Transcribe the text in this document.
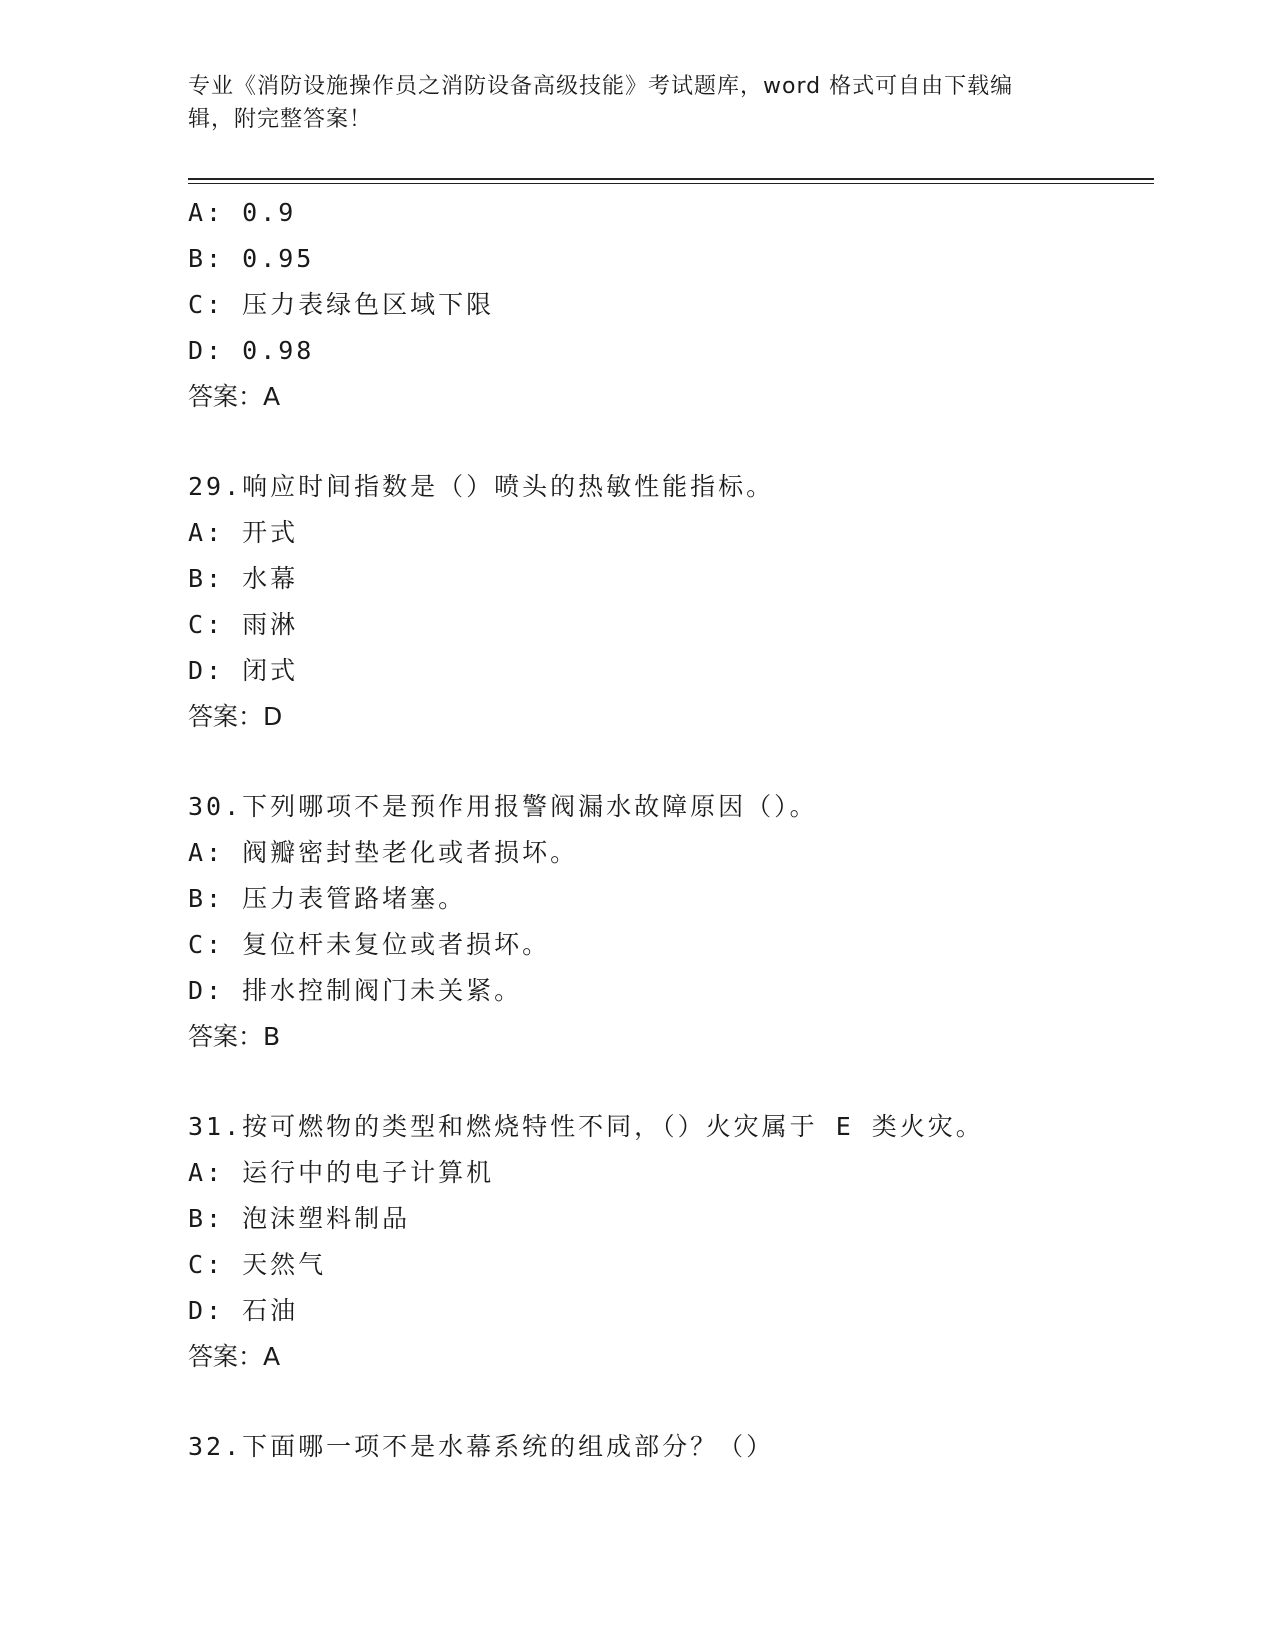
专业《消防设施操作员之消防设备高级技能》考试题库，word 格式可自由下载编
辑，附完整答案！
A: 0.9
B: 0.95
C: 压力表绿色区域下限
D: 0.98
答案：A
29.响应时间指数是（）喷头的热敏性能指标。
A: 开式
B: 水幕
C: 雨淋
D: 闭式
答案：D
30.下列哪项不是预作用报警阀漏水故障原因（）。
A: 阀瓣密封垫老化或者损坏。
B: 压力表管路堵塞。
C: 复位杆未复位或者损坏。
D: 排水控制阀门未关紧。
答案：B
31.按可燃物的类型和燃烧特性不同，（）火灾属于 E 类火灾。
A: 运行中的电子计算机
B: 泡沫塑料制品
C: 天然气
D: 石油
答案：A
32.下面哪一项不是水幕系统的组成部分？（）
